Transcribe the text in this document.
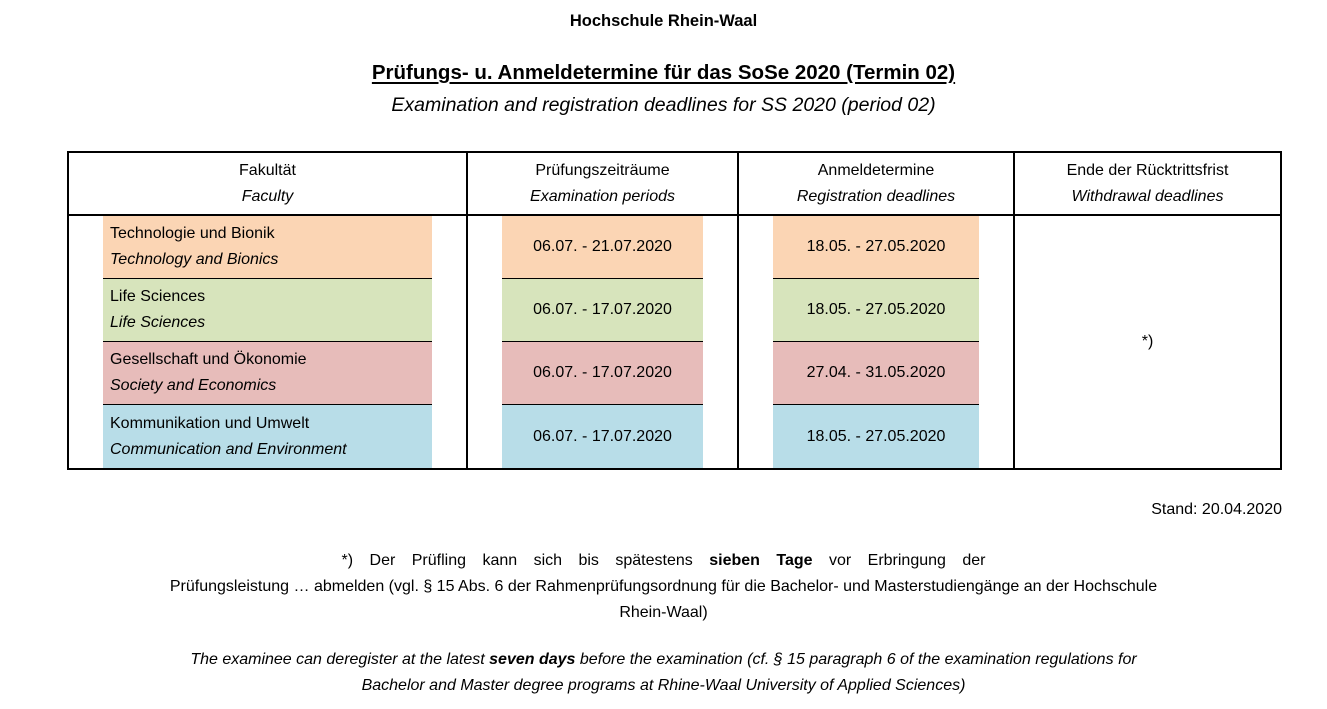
Hochschule Rhein-Waal
Prüfungs- u. Anmeldetermine für das SoSe 2020 (Termin 02)
Examination and registration deadlines for SS 2020 (period 02)
Fakultät
Faculty
Prüfungszeiträume
Examination periods
Anmeldetermine
Registration deadlines
Ende der Rücktrittsfrist
Withdrawal deadlines
Technologie und Bionik
Technology and Bionics
Life Sciences
Life Sciences
Gesellschaft und Ökonomie
Society and Economics
Kommunikation und Umwelt
Communication and Environment
06.07. - 21.07.2020
06.07. - 17.07.2020
06.07. - 17.07.2020
06.07. - 17.07.2020
18.05. - 27.05.2020
18.05. - 27.05.2020
27.04. - 31.05.2020
18.05. - 27.05.2020
*)
Stand: 20.04.2020
*) Der Prüfling kann sich bis spätestens sieben Tage vor Erbringung der
Prüfungsleistung … abmelden (vgl. § 15 Abs. 6 der Rahmenprüfungsordnung für die Bachelor- und Masterstudiengänge an der Hochschule
Rhein-Waal)
The examinee can deregister at the latest seven days before the examination (cf. § 15 paragraph 6 of the examination regulations for
Bachelor and Master degree programs at Rhine-Waal University of Applied Sciences)
